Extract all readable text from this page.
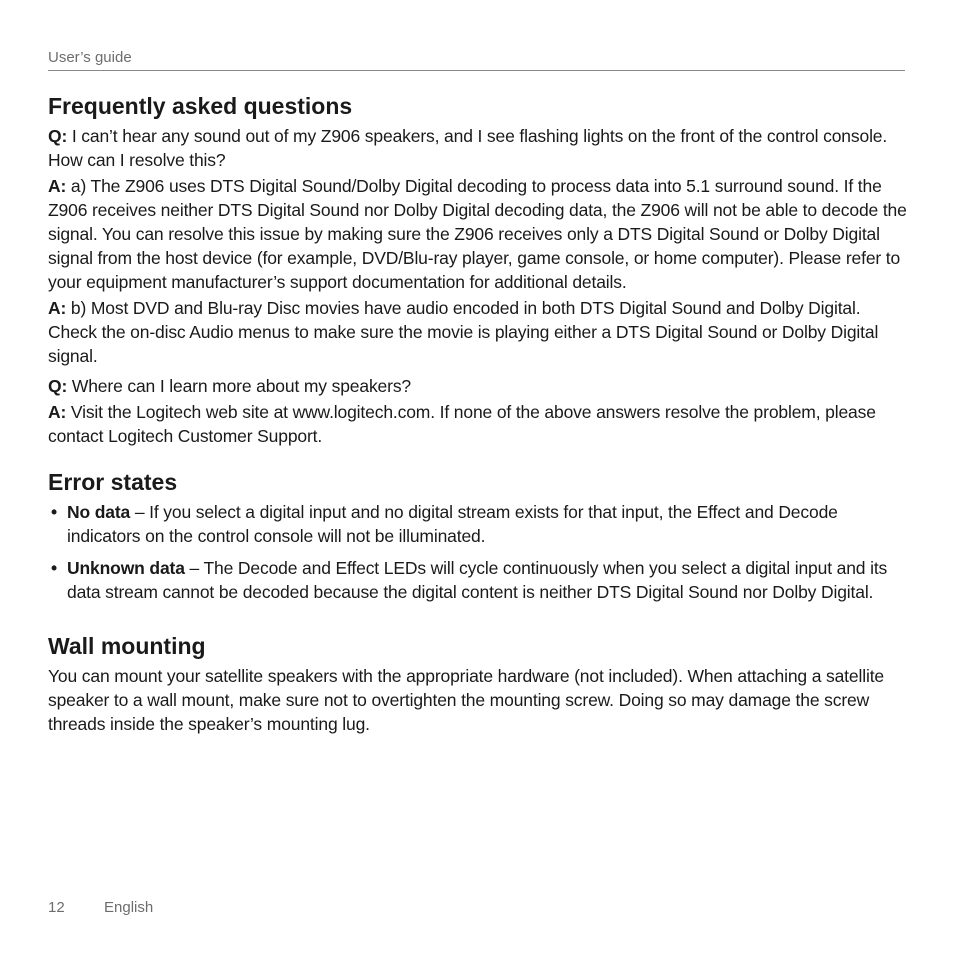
User’s guide
Frequently asked questions

Q: I can’t hear any sound out of my Z906 speakers, and I see flashing lights on the front of the control console. How can I resolve this?

A: a) The Z906 uses DTS Digital Sound/Dolby Digital decoding to process data into 5.1 surround sound. If the Z906 receives neither DTS Digital Sound nor Dolby Digital decoding data, the Z906 will not be able to decode the signal. You can resolve this issue by making sure the Z906 receives only a DTS Digital Sound or Dolby Digital signal from the host device (for example, DVD/Blu-ray player, game console, or home computer). Please refer to your equipment manufacturer’s support documentation for additional details.

A: b) Most DVD and Blu-ray Disc movies have audio encoded in both DTS Digital Sound and Dolby Digital. Check the on-disc Audio menus to make sure the movie is playing either a DTS Digital Sound or Dolby Digital signal.

Q: Where can I learn more about my speakers?

A: Visit the Logitech web site at www.logitech.com. If none of the above answers resolve the problem, please contact Logitech Customer Support.

Error states
• No data – If you select a digital input and no digital stream exists for that input, the Effect and Decode indicators on the control console will not be illuminated.
• Unknown data – The Decode and Effect LEDs will cycle continuously when you select a digital input and its data stream cannot be decoded because the digital content is neither DTS Digital Sound nor Dolby Digital.
Wall mounting

You can mount your satellite speakers with the appropriate hardware (not included). When attaching a satellite speaker to a wall mount, make sure not to overtighten the mounting screw. Doing so may damage the screw threads inside the speaker’s mounting lug.

12	English
